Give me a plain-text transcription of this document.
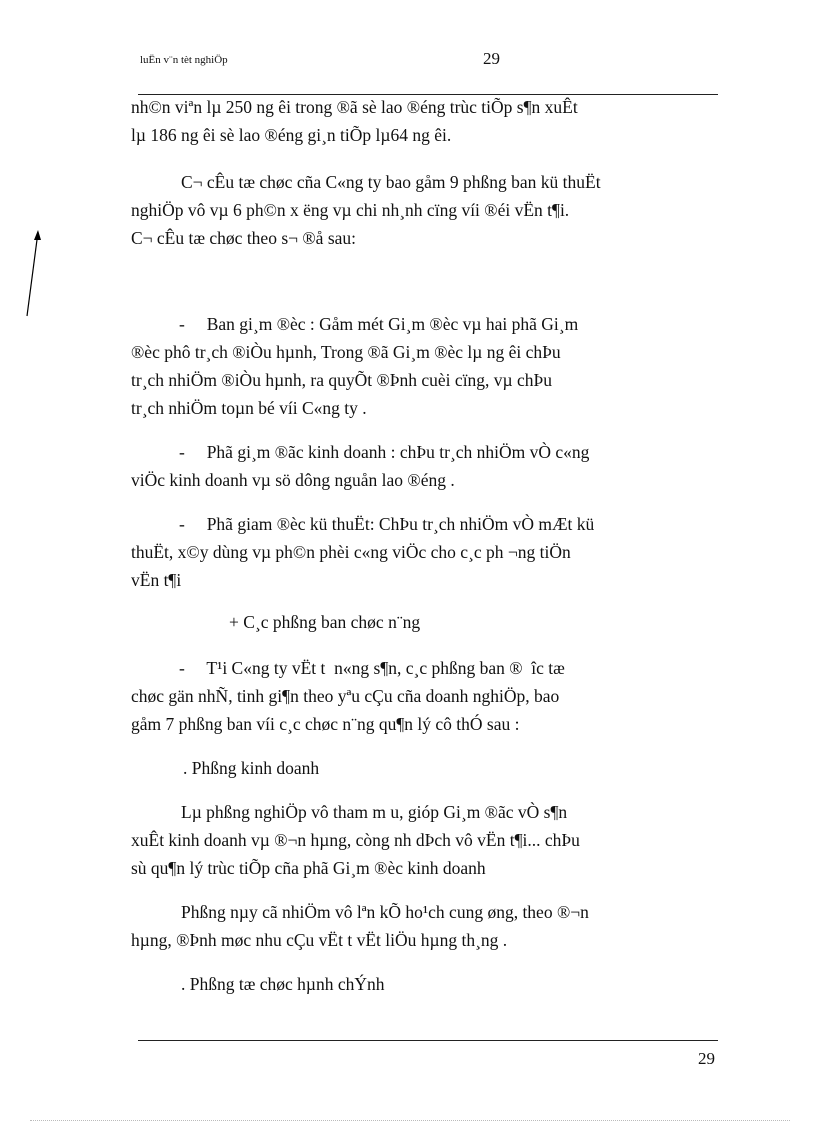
luËn v¨n tèt nghiÖp	29
nh©n viªn lµ 250 ng êi trong ®ã sè lao ®éng trùc tiÕp s¶n xuÊt
lµ 186 ng êi sè lao ®éng gi¸n tiÕp lµ64 ng êi.
C¬ cÊu tæ chøc cña C«ng ty bao gåm 9 phßng ban kü thuËt
nghiÖp vô vµ 6 ph©n x ëng vµ chi nh¸nh cïng víi ®éi vËn t¶i.
C¬ cÊu tæ chøc theo s¬ ®å sau:
-     Ban gi¸m ®èc : Gåm mét Gi¸m ®èc vµ hai phã Gi¸m
®èc phô tr¸ch ®iÒu hµnh, Trong ®ã Gi¸m ®èc lµ ng êi chÞu
tr¸ch nhiÖm ®iÒu hµnh, ra quyÕt ®Þnh cuèi cïng, vµ chÞu
tr¸ch nhiÖm toµn bé víi C«ng ty .
-     Phã gi¸m ®ãc kinh doanh : chÞu tr¸ch nhiÖm vÒ c«ng
viÖc kinh doanh vµ sö dông nguån lao ®éng .
-     Phã giam ®èc kü thuËt: ChÞu tr¸ch nhiÖm vÒ mÆt kü
thuËt, x©y dùng vµ ph©n phèi c«ng viÖc cho c¸c ph ¬ng tiÖn
vËn t¶i
+ C¸c phßng ban chøc n¨ng
-     T¹i C«ng ty vËt t  n«ng s¶n, c¸c phßng ban ®  îc tæ
chøc gän nhÑ, tinh gi¶n theo yªu cÇu cña doanh nghiÖp, bao
gåm 7 phßng ban víi c¸c chøc n¨ng qu¶n lý cô thÓ sau :
. Phßng kinh doanh
Lµ phßng nghiÖp vô tham m u, gióp Gi¸m ®ãc vÒ s¶n
xuÊt kinh doanh vµ ®¬n hµng, còng nh dÞch vô vËn t¶i... chÞu
sù qu¶n lý trùc tiÕp cña phã Gi¸m ®èc kinh doanh
Phßng nµy cã nhiÖm vô lªn kÕ ho¹ch cung øng, theo ®¬n
hµng, ®Þnh møc nhu cÇu vËt t vËt liÖu hµng th¸ng .
. Phßng tæ chøc hµnh chÝnh
29
